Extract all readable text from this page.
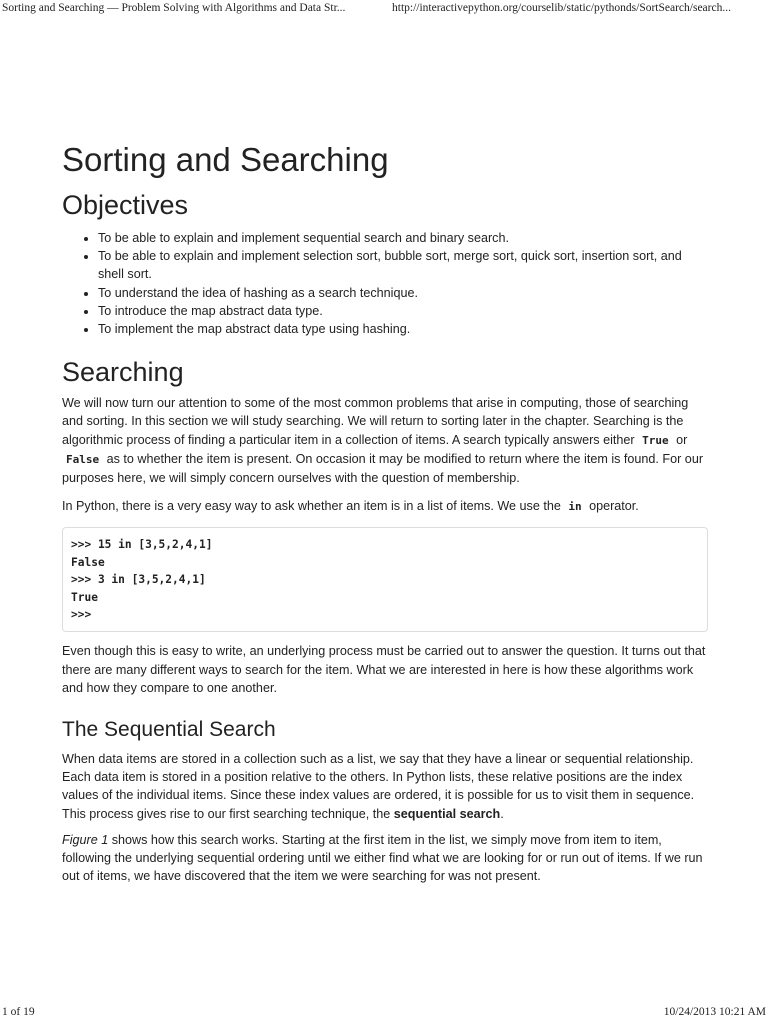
Sorting and Searching — Problem Solving with Algorithms and Data Str...	http://interactivepython.org/courselib/static/pythonds/SortSearch/search...
Sorting and Searching
Objectives
• To be able to explain and implement sequential search and binary search.
• To be able to explain and implement selection sort, bubble sort, merge sort, quick sort, insertion sort, and shell sort.
• To understand the idea of hashing as a search technique.
• To introduce the map abstract data type.
• To implement the map abstract data type using hashing.
Searching

We will now turn our attention to some of the most common problems that arise in computing, those of searching and sorting. In this section we will study searching. We will return to sorting later in the chapter. Searching is the algorithmic process of finding a particular item in a collection of items. A search typically answers either True or False as to whether the item is present. On occasion it may be modified to return where the item is found. For our purposes here, we will simply concern ourselves with the question of membership.

In Python, there is a very easy way to ask whether an item is in a list of items. We use the in operator.

>>> 15 in [3,5,2,4,1]
False
>>> 3 in [3,5,2,4,1]
True
>>>

Even though this is easy to write, an underlying process must be carried out to answer the question. It turns out that there are many different ways to search for the item. What we are interested in here is how these algorithms work and how they compare to one another.

The Sequential Search

When data items are stored in a collection such as a list, we say that they have a linear or sequential relationship. Each data item is stored in a position relative to the others. In Python lists, these relative positions are the index values of the individual items. Since these index values are ordered, it is possible for us to visit them in sequence. This process gives rise to our first searching technique, the sequential search.

Figure 1 shows how this search works. Starting at the first item in the list, we simply move from item to item, following the underlying sequential ordering until we either find what we are looking for or run out of items. If we run out of items, we have discovered that the item we were searching for was not present.

1 of 19	10/24/2013 10:21 AM
